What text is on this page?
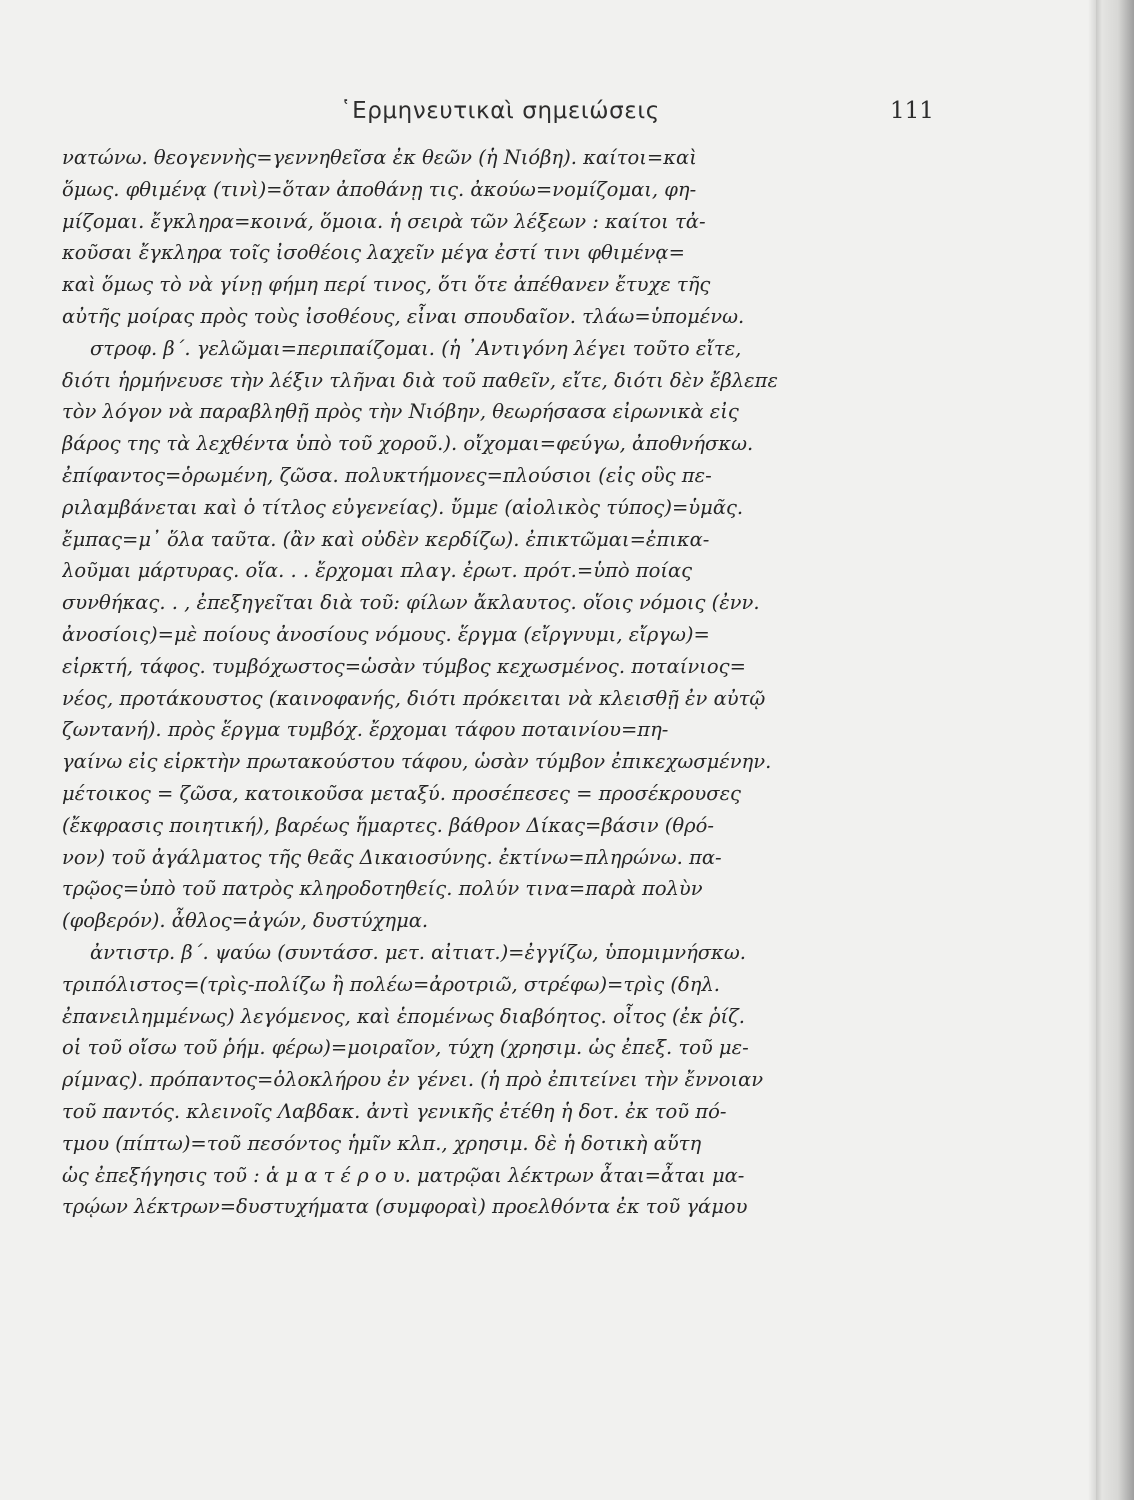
῾Ερμηνευτικαὶ σημειώσεις	111
νατώνω. θεογεννὴς=γεννηθεῖσα ἐκ θεῶν (ἡ Νιόβη). καίτοι=καὶ
ὅμως. φθιμένᾳ (τινὶ)=ὅταν ἀποθάνῃ τις. ἀκούω=νομίζομαι, φη-
μίζομαι. ἔγκληρα=κοινά, ὅμοια. ἡ σειρὰ τῶν λέξεων : καίτοι τἀ-
κοῦσαι ἔγκληρα τοῖς ἰσοθέοις λαχεῖν μέγα ἐστί τινι φθιμένᾳ=
καὶ ὅμως τὸ νὰ γίνῃ φήμη περί τινος, ὅτι ὅτε ἀπέθανεν ἔτυχε τῆς
αὐτῆς μοίρας πρὸς τοὺς ἰσοθέους, εἶναι σπουδαῖον. τλάω=ὑπομένω.
στροφ. β΄. γελῶμαι=περιπαίζομαι. (ἡ ᾿Αντιγόνη λέγει τοῦτο εἴτε,
διότι ἡρμήνευσε τὴν λέξιν τλῆναι διὰ τοῦ παθεῖν, εἴτε, διότι δὲν ἔβλεπε
τὸν λόγον νὰ παραβληθῇ πρὸς τὴν Νιόβην, θεωρήσασα εἰρωνικὰ εἰς
βάρος της τὰ λεχθέντα ὑπὸ τοῦ χοροῦ.). οἴχομαι=φεύγω, ἀποθνήσκω.
ἐπίφαντος=ὁρωμένη, ζῶσα. πολυκτήμονες=πλούσιοι (εἰς οὓς πε-
ριλαμβάνεται καὶ ὁ τίτλος εὐγενείας). ὔμμε (αἰολικὸς τύπος)=ὑμᾶς.
ἔμπας=μ᾿ ὅλα ταῦτα. (ἂν καὶ οὐδὲν κερδίζω). ἐπικτῶμαι=ἐπικα-
λοῦμαι μάρτυρας. οἵα. . . ἔρχομαι πλαγ. ἐρωτ. πρότ.=ὑπὸ ποίας
συνθήκας. . , ἐπεξηγεῖται διὰ τοῦ: φίλων ἄκλαυτος. οἵοις νόμοις (ἐνν.
ἀνοσίοις)=μὲ ποίους ἀνοσίους νόμους. ἕργμα (εἴργνυμι, εἴργω)=
εἱρκτή, τάφος. τυμβόχωστος=ὡσὰν τύμβος κεχωσμένος. ποταίνιος=
νέος, προτάκουστος (καινοφανής, διότι πρόκειται νὰ κλεισθῇ ἐν αὐτῷ
ζωντανή). πρὸς ἕργμα τυμβόχ. ἔρχομαι τάφου ποταινίου=πη-
γαίνω εἰς εἱρκτὴν πρωτακούστου τάφου, ὡσὰν τύμβον ἐπικεχωσμένην.
μέτοικος = ζῶσα, κατοικοῦσα μεταξύ. προσέπεσες = προσέκρουσες
(ἔκφρασις ποιητική), βαρέως ἥμαρτες. βάθρον Δίκας=βάσιν (θρό-
νον) τοῦ ἀγάλματος τῆς θεᾶς Δικαιοσύνης. ἐκτίνω=πληρώνω. πα-
τρῷος=ὑπὸ τοῦ πατρὸς κληροδοτηθείς. πολύν τινα=παρὰ πολὺν
(φοβερόν). ἆθλος=ἀγών, δυστύχημα.
ἀντιστρ. β΄. ψαύω (συντάσσ. μετ. αἰτιατ.)=ἐγγίζω, ὑπομιμνήσκω.
τριπόλιστος=(τρὶς-πολίζω ἢ πολέω=ἀροτριῶ, στρέφω)=τρὶς (δηλ.
ἐπανειλημμένως) λεγόμενος, καὶ ἑπομένως διαβόητος. οἶτος (ἐκ ῥίζ.
οἱ τοῦ οἴσω τοῦ ῥήμ. φέρω)=μοιραῖον, τύχη (χρησιμ. ὡς ἐπεξ. τοῦ με-
ρίμνας). πρόπαντος=ὁλοκλήρου ἐν γένει. (ἡ πρὸ ἐπιτείνει τὴν ἔννοιαν
τοῦ παντός. κλεινοῖς Λαβδακ. ἀντὶ γενικῆς ἐτέθη ἡ δοτ. ἐκ τοῦ πό-
τμου (πίπτω)=τοῦ πεσόντος ἡμῖν κλπ., χρησιμ. δὲ ἡ δοτικὴ αὕτη
ὡς ἐπεξήγησις τοῦ : ἁ μ α τ έ ρ ο υ. ματρῷαι λέκτρων ἆται=ἆται μα-
τρῴων λέκτρων=δυστυχήματα (συμφοραὶ) προελθόντα ἐκ τοῦ γάμου
